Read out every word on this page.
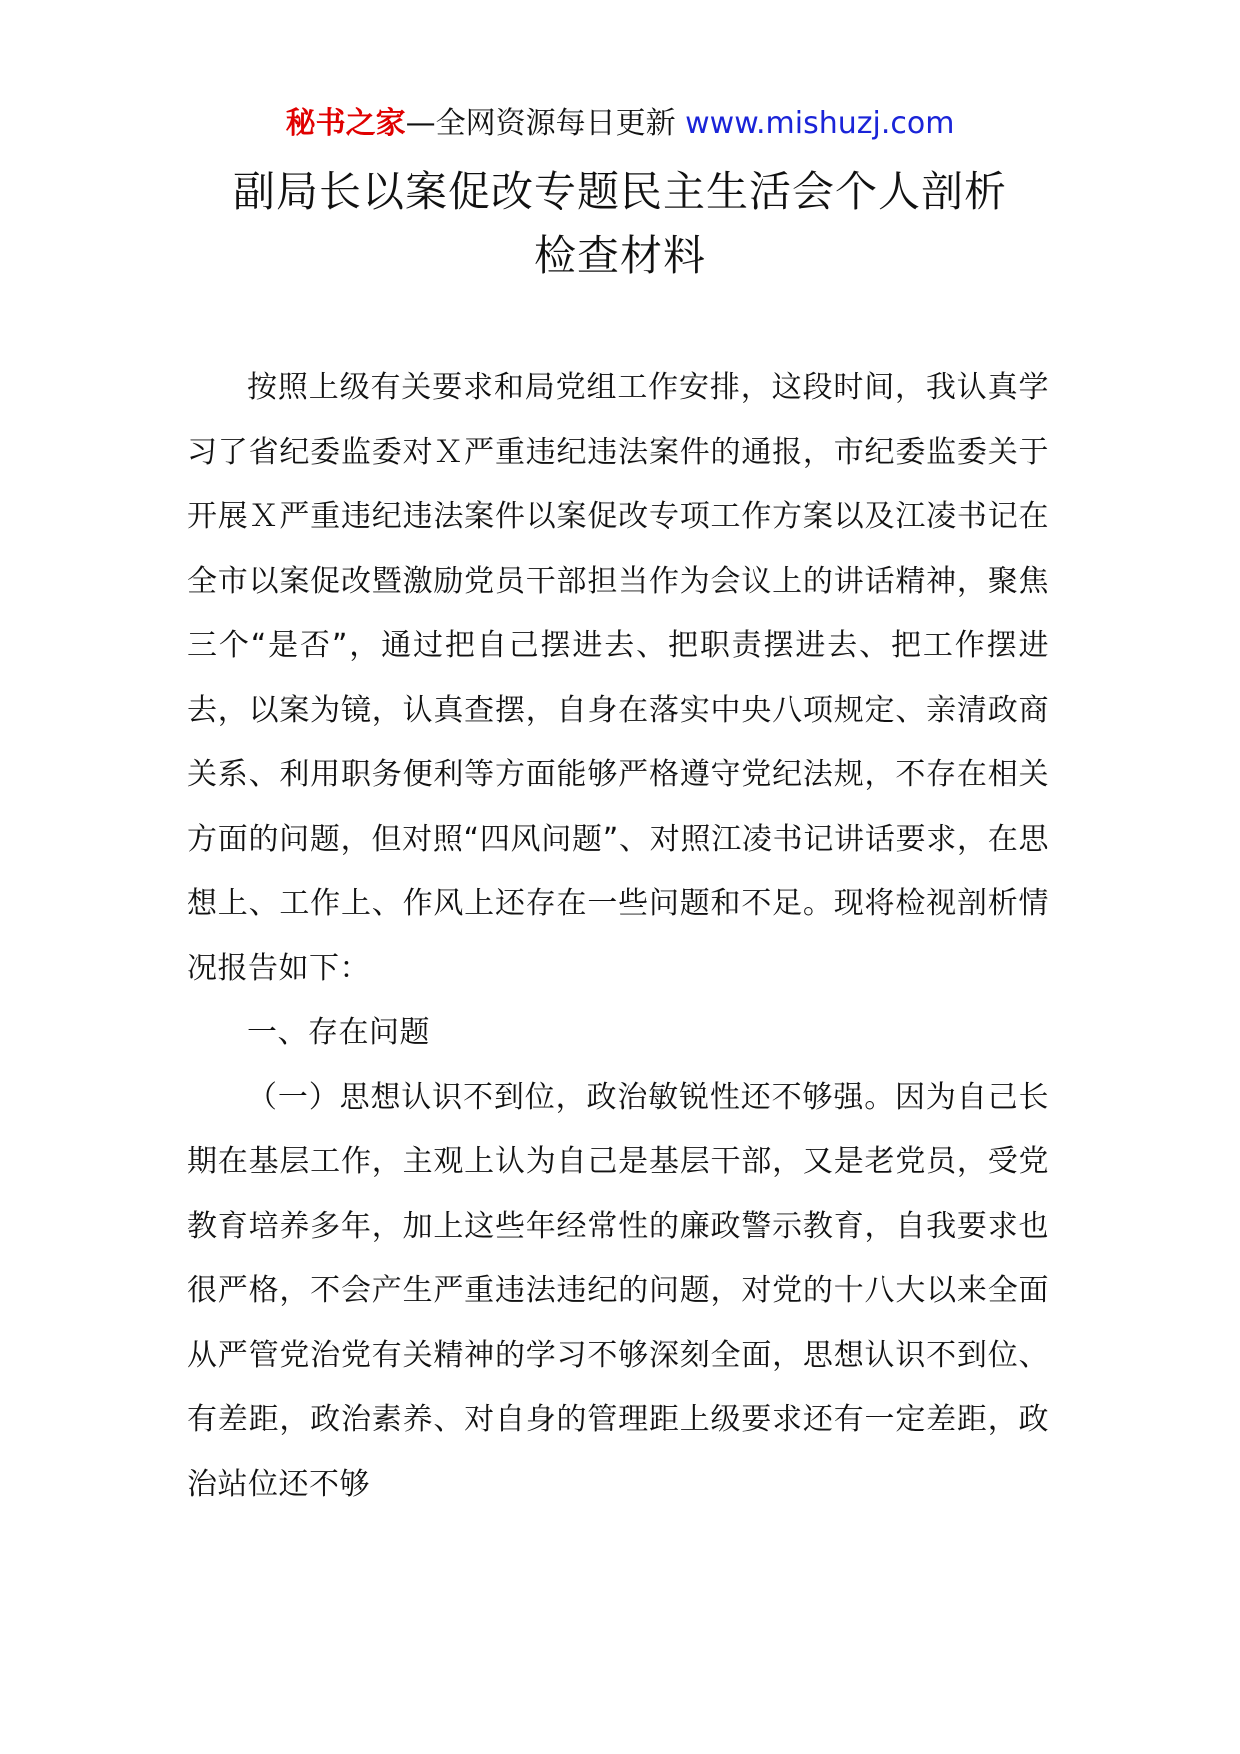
秘书之家—全网资源每日更新 www.mishuzj.com
副局长以案促改专题民主生活会个人剖析
检查材料

按照上级有关要求和局党组工作安排，这段时间，我认真学习了省纪委监委对Ｘ严重违纪违法案件的通报，市纪委监委关于开展Ｘ严重违纪违法案件以案促改专项工作方案以及江凌书记在全市以案促改暨激励党员干部担当作为会议上的讲话精神，聚焦三个“是否”，通过把自己摆进去、把职责摆进去、把工作摆进去，以案为镜，认真查摆，自身在落实中央八项规定、亲清政商关系、利用职务便利等方面能够严格遵守党纪法规，不存在相关方面的问题，但对照“四风问题”、对照江凌书记讲话要求，在思想上、工作上、作风上还存在一些问题和不足。现将检视剖析情况报告如下：

一、存在问题

（一）思想认识不到位，政治敏锐性还不够强。因为自己长期在基层工作，主观上认为自己是基层干部，又是老党员，受党教育培养多年，加上这些年经常性的廉政警示教育，自我要求也很严格，不会产生严重违法违纪的问题，对党的十八大以来全面从严管党治党有关精神的学习不够深刻全面，思想认识不到位、有差距，政治素养、对自身的管理距上级要求还有一定差距，政治站位还不够
